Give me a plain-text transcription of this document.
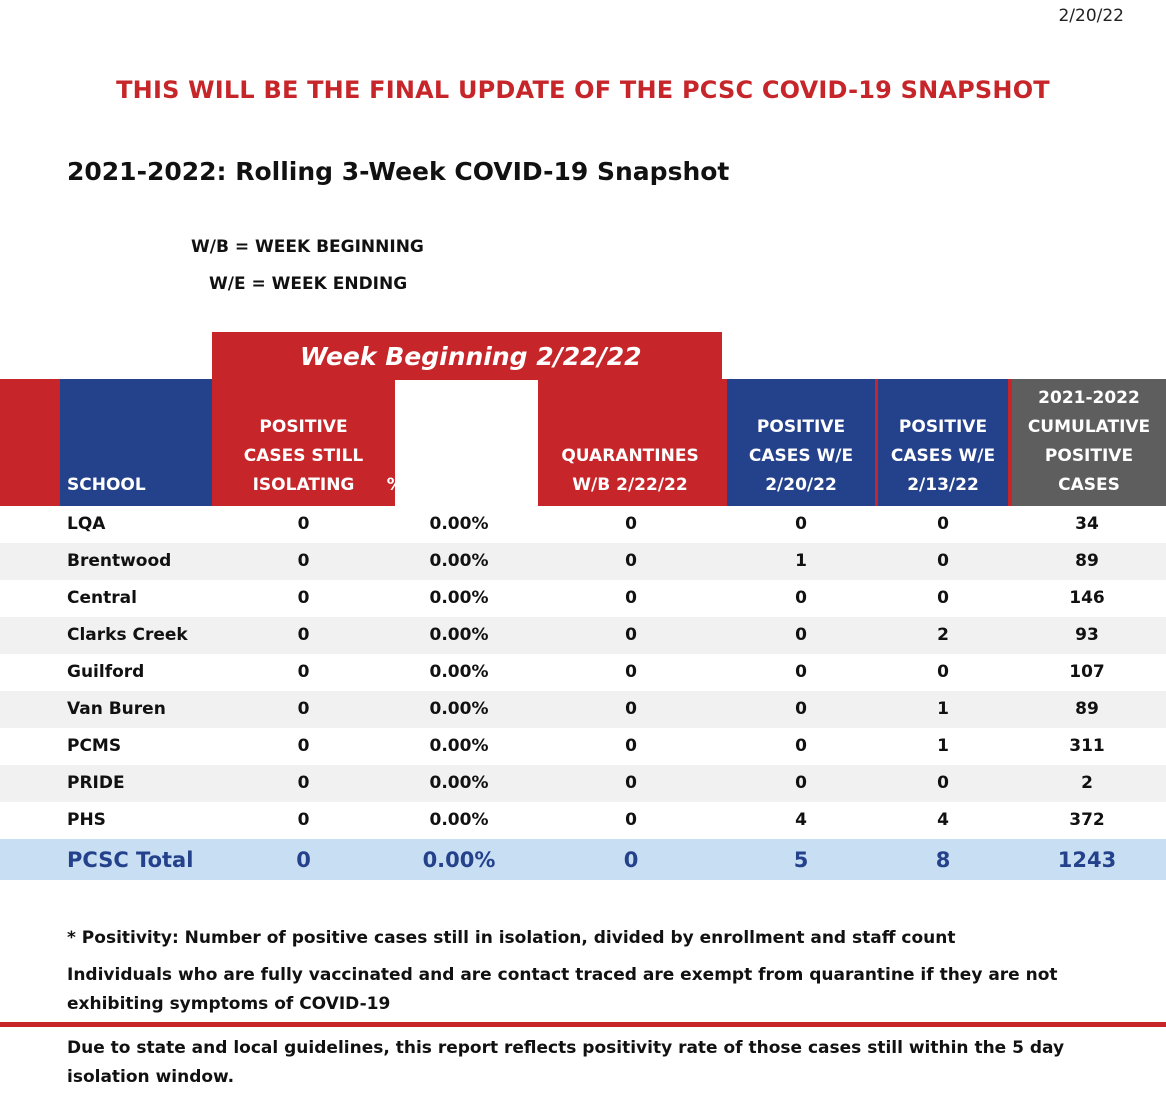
2/20/22
THIS WILL BE THE FINAL UPDATE OF THE PCSC COVID-19 SNAPSHOT
2021-2022: Rolling 3-Week COVID-19 Snapshot
W/B = WEEK BEGINNING
W/E = WEEK ENDING
Week Beginning 2/22/22
SCHOOL
POSITIVE
CASES STILL
ISOLATING	% POSITIVITY *
QUARANTINES
W/B 2/22/22
POSITIVE
CASES W/E
2/20/22
POSITIVE
CASES W/E
2/13/22
2021-2022
CUMULATIVE
POSITIVE
CASES
LQA	0	0.00%	0	0	0	34
Brentwood	0	0.00%	0	1	0	89
Central	0	0.00%	0	0	0	146
Clarks Creek	0	0.00%	0	0	2	93
Guilford	0	0.00%	0	0	0	107
Van Buren	0	0.00%	0	0	1	89
PCMS	0	0.00%	0	0	1	311
PRIDE	0	0.00%	0	0	0	2
PHS	0	0.00%	0	4	4	372
PCSC Total	0	0.00%	0	5	8	1243
* Positivity: Number of positive cases still in isolation, divided by enrollment and staff count
Individuals who are fully vaccinated and are contact traced are exempt from quarantine if they are not exhibiting symptoms of COVID-19
Due to state and local guidelines, this report reflects positivity rate of those cases still within the 5 day isolation window.
